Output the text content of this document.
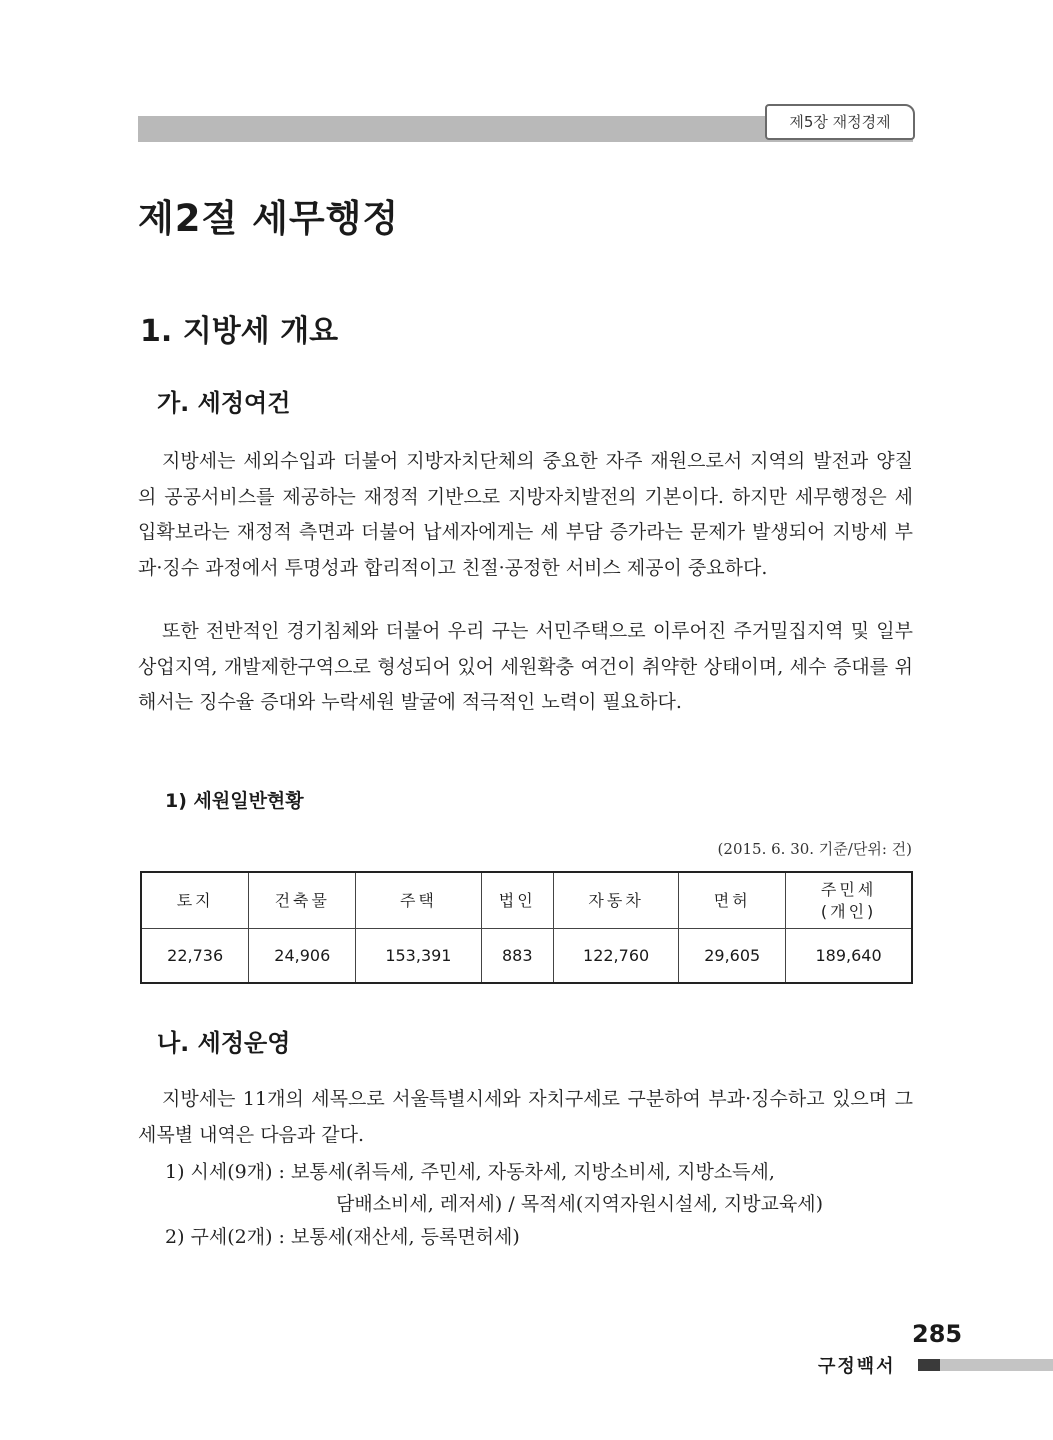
제5장 재정경제
제2절 세무행정
1. 지방세 개요
가. 세정여건

지방세는 세외수입과 더불어 지방자치단체의 중요한 자주 재원으로서 지역의 발전과 양질의 공공서비스를 제공하는 재정적 기반으로 지방자치발전의 기본이다. 하지만 세무행정은 세입확보라는 재정적 측면과 더불어 납세자에게는 세 부담 증가라는 문제가 발생되어 지방세 부과·징수 과정에서 투명성과 합리적이고 친절·공정한 서비스 제공이 중요하다.

또한 전반적인 경기침체와 더불어 우리 구는 서민주택으로 이루어진 주거밀집지역 및 일부 상업지역, 개발제한구역으로 형성되어 있어 세원확충 여건이 취약한 상태이며, 세수 증대를 위해서는 징수율 증대와 누락세원 발굴에 적극적인 노력이 필요하다.

1) 세원일반현황
(2015. 6. 30. 기준/단위: 건)
토지	건축물	주택	법인	자동차	면허	주민세
(개인)
22,736	24,906	153,391	883	122,760	29,605	189,640
나. 세정운영

지방세는 11개의 세목으로 서울특별시세와 자치구세로 구분하여 부과·징수하고 있으며 그 세목별 내역은 다음과 같다.

1) 시세(9개) : 보통세(취득세, 주민세, 자동차세, 지방소비세, 지방소득세,
담배소비세, 레저세) / 목적세(지역자원시설세, 지방교육세)
2) 구세(2개) : 보통세(재산세, 등록면허세)
285
구정백서
